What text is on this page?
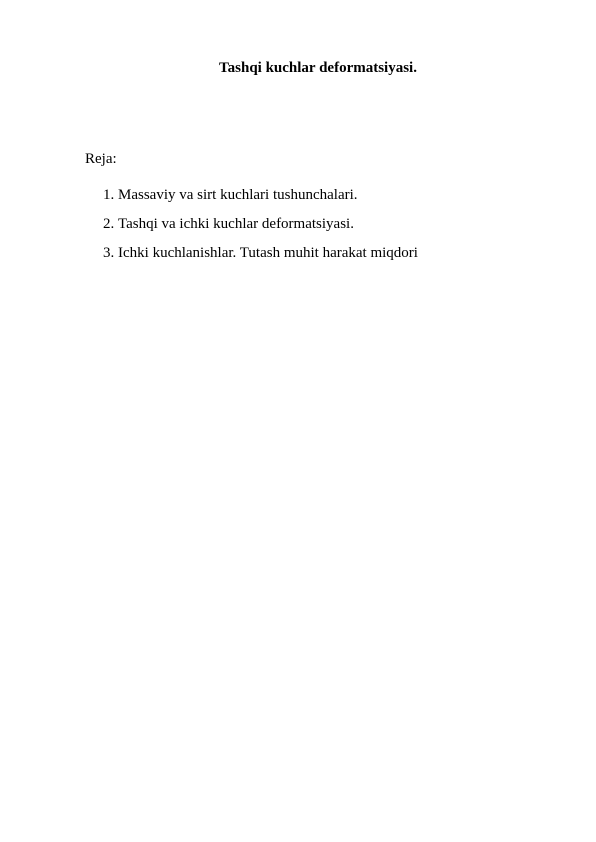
Tashqi kuchlar deformatsiyasi.

Reja:

1. Massaviy va sirt kuchlari tushunchalari.
2. Tashqi va ichki kuchlar deformatsiyasi.
3. Ichki kuchlanishlar. Tutash muhit harakat miqdori
